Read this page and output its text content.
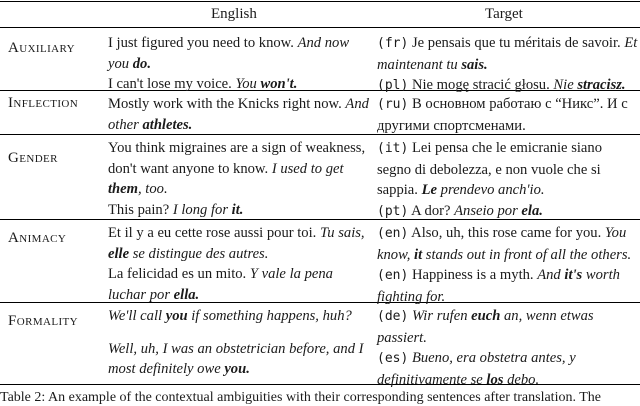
English	Target
Auxiliary I just figured you need to know. And now you do.
I can't lose my voice. You won't.
(fr) Je pensais que tu méritais de savoir. Et maintenant tu sais.
(pl) Nie mogę stracić głosu. Nie stracisz.
Inflection Mostly work with the Knicks right now. And other athletes.
(ru) В основном работаю с “Никс”. И с другими спортсменами.
Gender
You think migraines are a sign of weakness, don't want anyone to know. I used to get them, too.
This pain? I long for it.
(it) Lei pensa che le emicranie siano segno di debolezza, e non vuole che si sappia. Le prendevo anch'io.
(pt) A dor? Anseio por ela.
Animacy	Et il y a eu cette rose aussi pour toi. Tu sais, elle se distingue des autres.
La felicidad es un mito. Y vale la pena luchar por ella.
(en) Also, uh, this rose came for you. You know, it stands out in front of all the others.
(en) Happiness is a myth. And it's worth fighting for.
Formality We'll call you if something happens, huh?
Well, uh, I was an obstetrician before, and I most definitely owe you.
(de) Wir rufen euch an, wenn etwas passiert.
(es) Bueno, era obstetra antes, y definitivamente se los debo.
Table 2: An example of the contextual ambiguities with their corresponding sentences after translation. The
